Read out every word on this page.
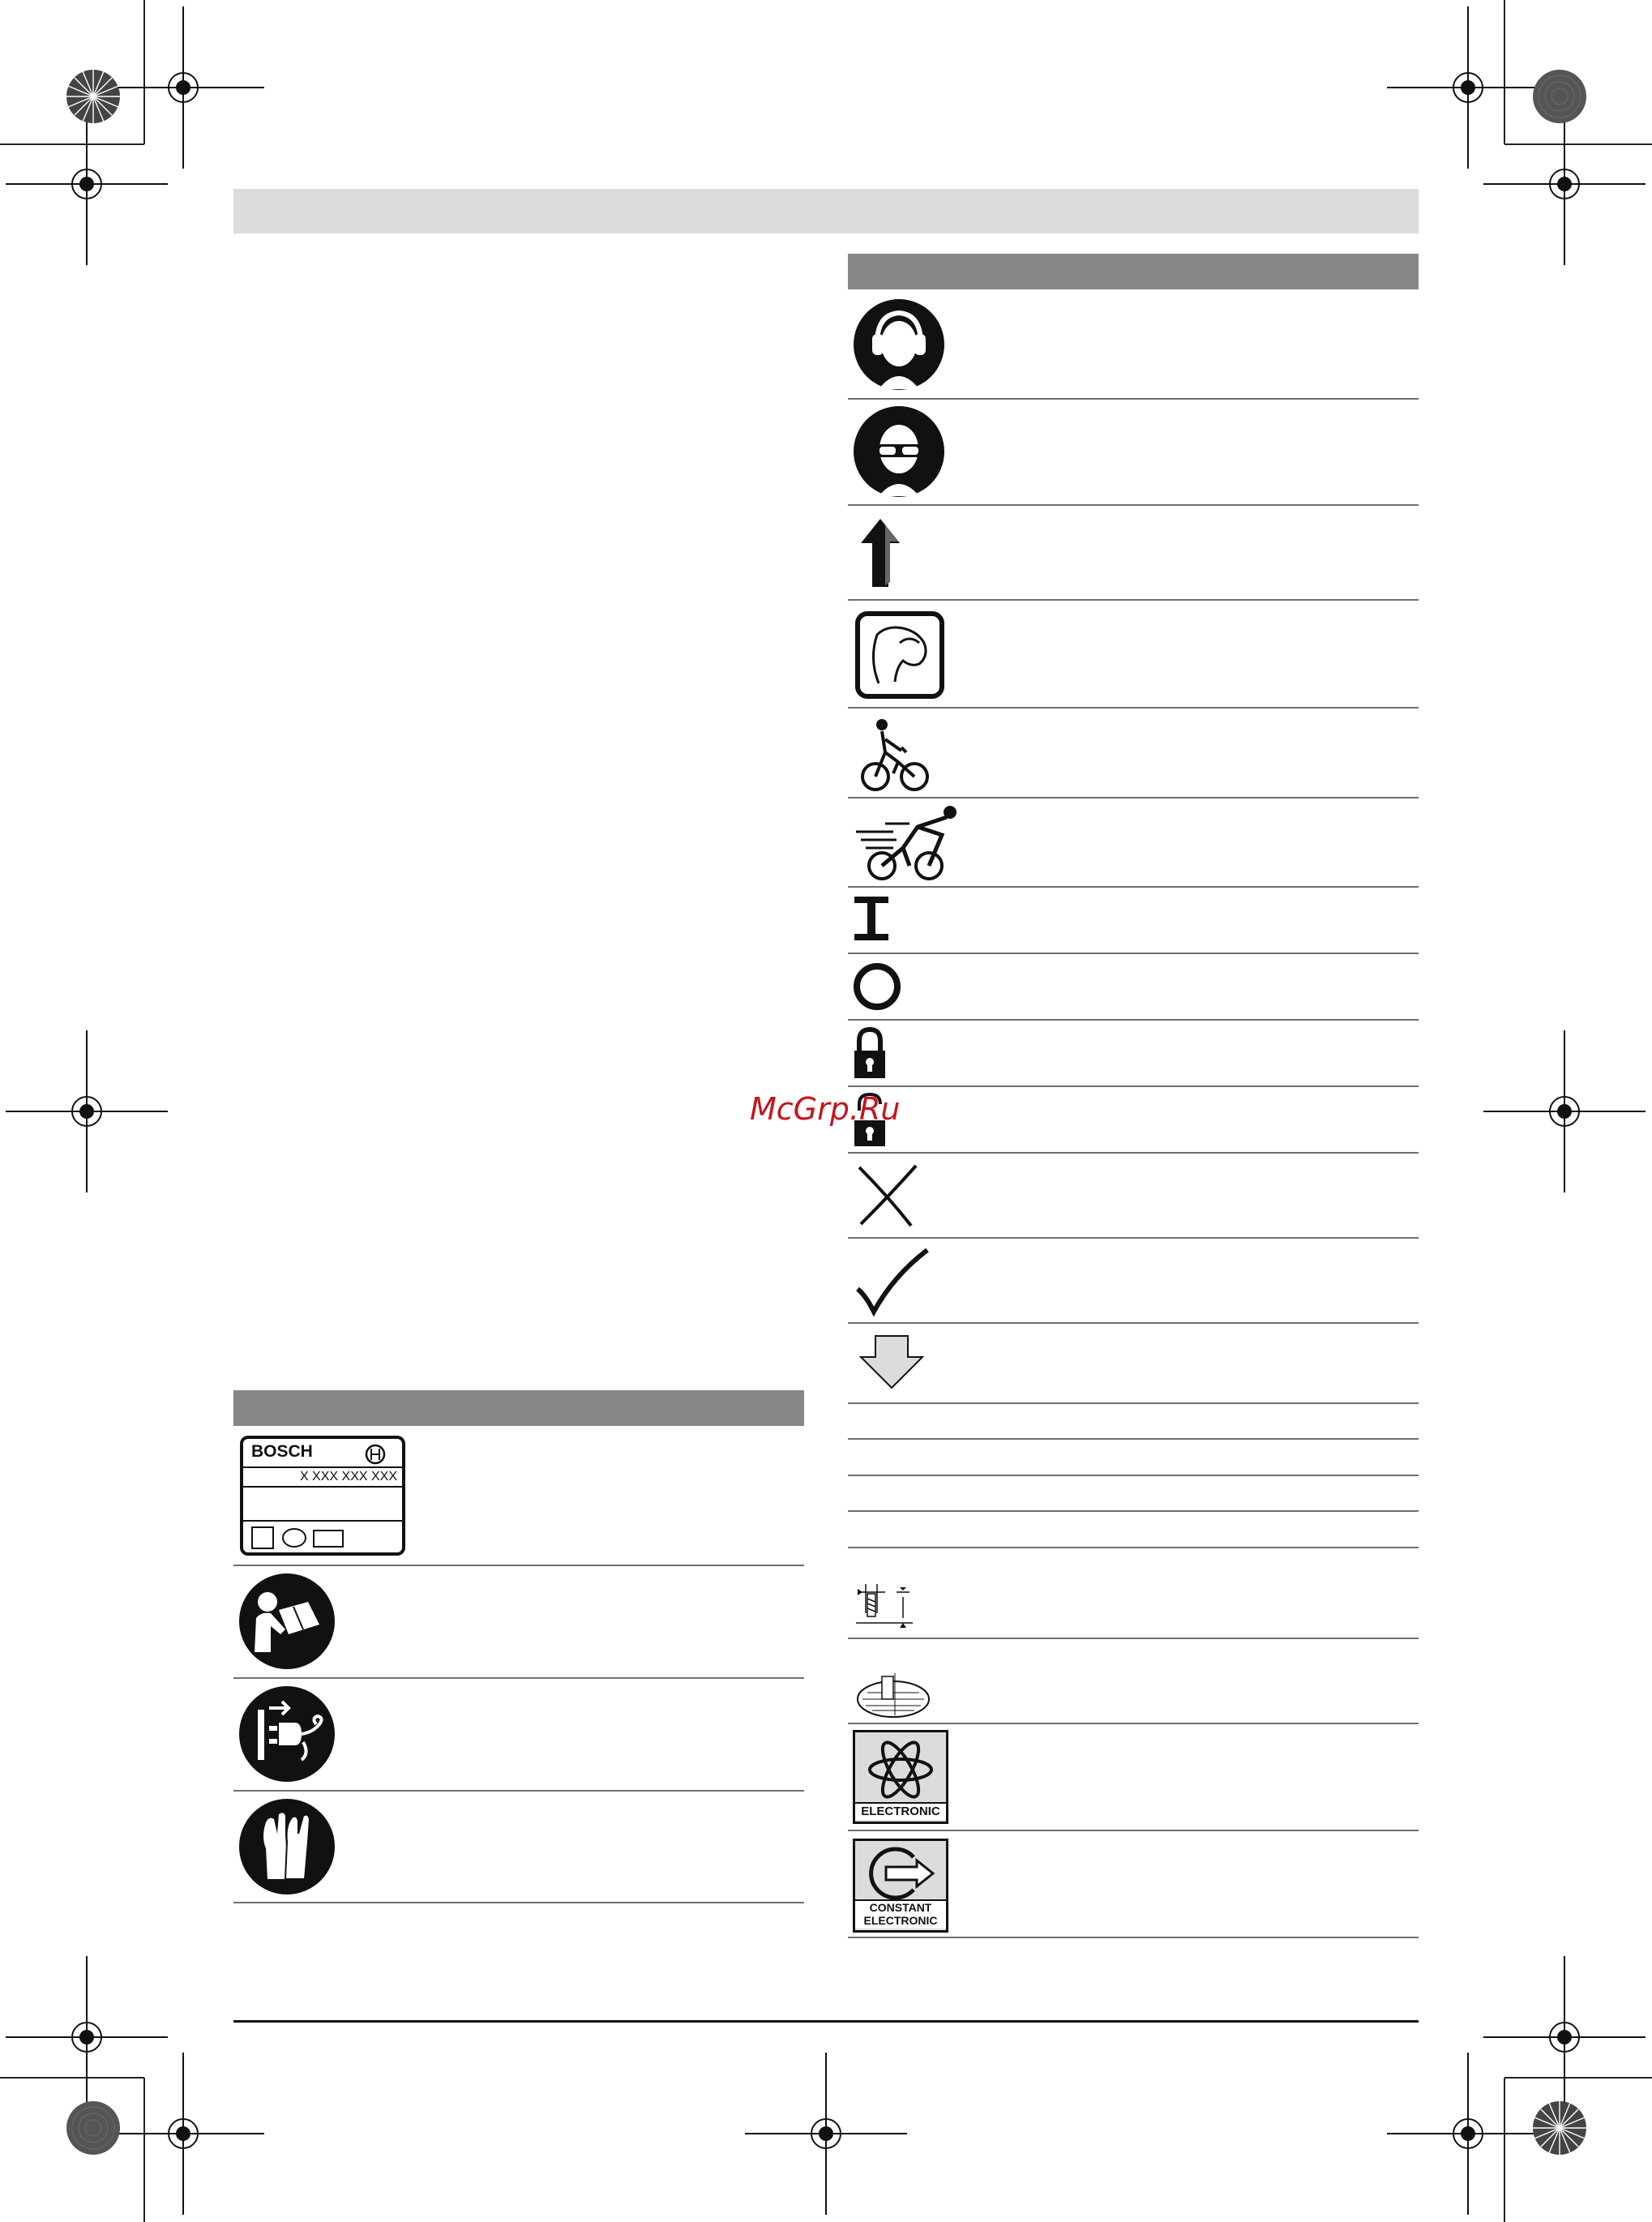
ELECTRONIC
CONSTANT
ELECTRONIC
BOSCH
X XXX XXX XXX
McGrp.Ru
